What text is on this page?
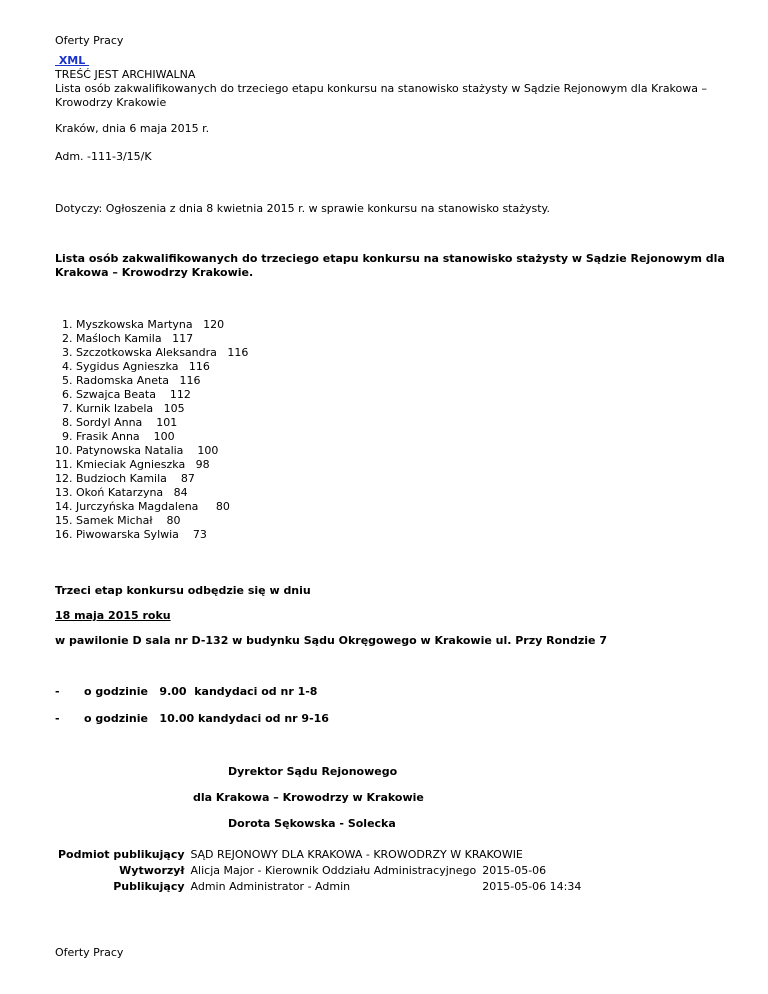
Oferty Pracy
XML
TREŚĆ JEST ARCHIWALNA
Lista osób zakwalifikowanych do trzeciego etapu konkursu na stanowisko stażysty w Sądzie Rejonowym dla Krakowa –
Krowodrzy Krakowie
Kraków, dnia 6 maja 2015 r.
Adm. -111-3/15/K
Dotyczy: Ogłoszenia z dnia 8 kwietnia 2015 r. w sprawie konkursu na stanowisko stażysty.
Lista osób zakwalifikowanych do trzeciego etapu konkursu na stanowisko stażysty w Sądzie Rejonowym dla
Krakowa – Krowodrzy Krakowie.
1. Myszkowska Martyna   120
2. Maśloch Kamila   117
3. Szczotkowska Aleksandra   116
4. Sygidus Agnieszka   116
5. Radomska Aneta   116
6. Szwajca Beata    112
7. Kurnik Izabela   105
8. Sordyl Anna    101
9. Frasik Anna    100
10. Patynowska Natalia    100
11. Kmieciak Agnieszka   98
12. Budzioch Kamila    87
13. Okoń Katarzyna   84
14. Jurczyńska Magdalena     80
15. Samek Michał    80
16. Piwowarska Sylwia    73
Trzeci etap konkursu odbędzie się w dniu
18 maja 2015 roku
w pawilonie D sala nr D-132 w budynku Sądu Okręgowego w Krakowie ul. Przy Rondzie 7
- o godzinie   9.00  kandydaci od nr 1-8
- o godzinie   10.00 kandydaci od nr 9-16
Dyrektor Sądu Rejonowego
dla Krakowa – Krowodrzy w Krakowie
Dorota Sękowska - Solecka
Podmiot publikujący	SĄD REJONOWY DLA KRAKOWA - KROWODRZY W KRAKOWIE	
Wytworzył	Alicja Major - Kierownik Oddziału Administracyjnego	2015-05-06
Publikujący	Admin Administrator - Admin	2015-05-06 14:34
Oferty Pracy
